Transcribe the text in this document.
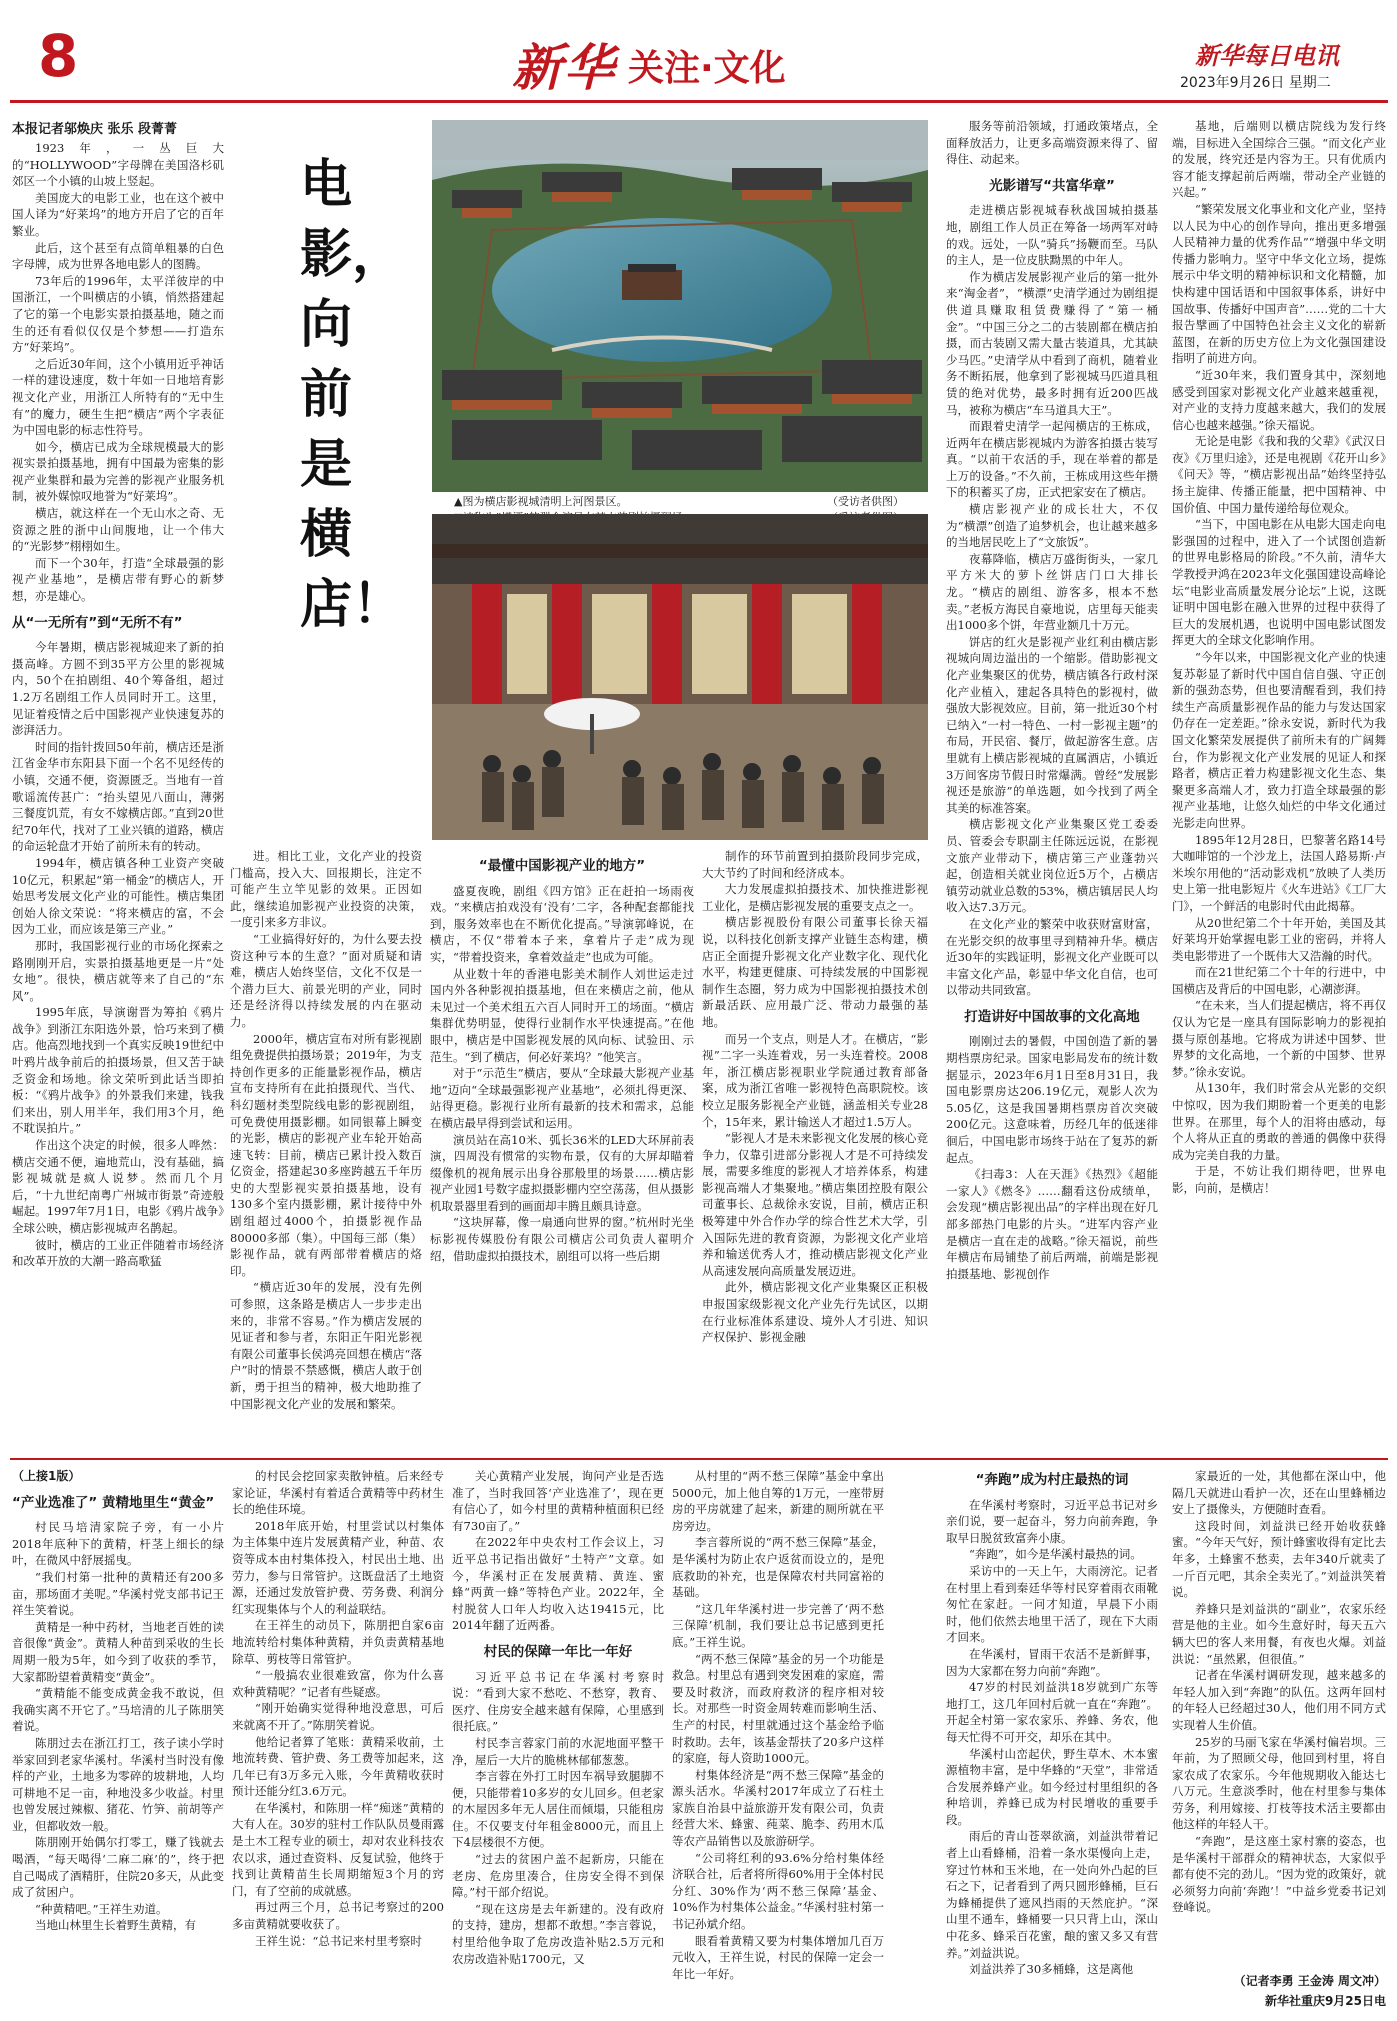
8	新华 关注·文化	新华每日电讯
2023年9月26日 星期二
本报记者邬焕庆 张乐 段菁菁

1923年，一丛巨大的“HOLLYWOOD”字母牌在美国洛杉矶郊区一个小镇的山坡上竖起。

美国庞大的电影工业，也在这个被中国人译为“好莱坞”的地方开启了它的百年繁业。

此后，这个甚至有点简单粗暴的白色字母牌，成为世界各地电影人的图腾。

73年后的1996年，太平洋彼岸的中国浙江，一个叫横店的小镇，悄然搭建起了它的第一个电影实景拍摄基地，随之而生的还有看似仅仅是个梦想——打造东方“好莱坞”。

之后近30年间，这个小镇用近乎神话一样的建设速度，数十年如一日地培育影视文化产业，用浙江人所特有的“无中生有”的魔力，硬生生把“横店”两个字表征为中国电影的标志性符号。

如今，横店已成为全球规模最大的影视实景拍摄基地，拥有中国最为密集的影视产业集群和最为完善的影视产业服务机制，被外媒惊叹地誉为“好莱坞”。

横店，就这样在一个无山水之奇、无资源之胜的浙中山间腹地，让一个伟大的“光影梦”栩栩如生。

而下一个30年，打造“全球最强的影视产业基地”，是横店带有野心的新梦想，亦是雄心。

从“一无所有”到“无所不有”

今年暑期，横店影视城迎来了新的拍摄高峰。方圆不到35平方公里的影视城内，50个在拍剧组、40个筹备组，超过1.2万名剧组工作人员同时开工。这里，见证着疫情之后中国影视产业快速复苏的澎湃活力。

时间的指针拨回50年前，横店还是浙江省金华市东阳县下面一个名不见经传的小镇，交通不便，资源匮乏。当地有一首歌谣流传甚广：“抬头望见八面山，薄粥三餐度饥荒，有女不嫁横店郎。”直到20世纪70年代，找对了工业兴镇的道路，横店的命运轮盘才开始了前所未有的转动。

1994年，横店镇各种工业资产突破10亿元，积累起“第一桶金”的横店人，开始思考发展文化产业的可能性。横店集团创始人徐文荣说：“将来横店的富，不会因为工业，而应该是第三产业。”

那时，我国影视行业的市场化探索之路刚刚开启，实景拍摄基地更是一片“处女地”。很快，横店就等来了自己的“东风”。

1995年底，导演谢晋为筹拍《鸦片战争》到浙江东阳选外景，恰巧来到了横店。他高烈地找到一个真实反映19世纪中叶鸦片战争前后的拍摄场景，但又苦于缺乏资金和场地。徐文荣听到此话当即拍板：“《鸦片战争》的外景我们来建，钱我们来出，别人用半年，我们用3个月，绝不耽误拍片。”

作出这个决定的时候，很多人哗然：横店交通不便，遍地荒山，没有基础，搞影视城就是疯人说梦。然而几个月后，“十九世纪南粤广州城市街景”奇迹般崛起。1997年7月1日，电影《鸦片战争》全球公映，横店影视城声名鹊起。

彼时，横店的工业正伴随着市场经济和改革开放的大潮一路高歌猛

电影，向前是横店！
▲图为横店影视城清明上河图景区。	（受访者供图）

进。相比工业，文化产业的投资门槛高，投入大、回报期长，注定不可能产生立竿见影的效果。正因如此，继续追加影视产业投资的决策，一度引来多方非议。

“工业搞得好好的，为什么要去投资这种亏本的生意？”面对质疑和请难，横店人始终坚信，文化不仅是一个潜力巨大、前景光明的产业，同时还是经济得以持续发展的内在驱动力。

2000年，横店宣布对所有影视剧组免费提供拍摄场景；2019年，为支持创作更多的正能量影视作品，横店宣布支持所有在此拍摄现代、当代、科幻题材类型院线电影的影视剧组，可免费使用摄影棚。如同银幕上瞬变的光影，横店的影视产业车轮开始高速飞转：目前，横店已累计投入数百亿资金，搭建起30多座跨越五千年历史的大型影视实景拍摄基地，设有130多个室内摄影棚，累计接待中外剧组超过4000个，拍摄影视作品80000多部（集）。中国每三部（集）影视作品，就有两部带着横店的烙印。

“横店近30年的发展，没有先例可参照，这条路是横店人一步步走出来的，非常不容易。”作为横店发展的见证者和参与者，东阳正午阳光影视有限公司董事长侯鸿亮回想在横店“落户”时的情景不禁感慨，横店人敢于创新，勇于担当的精神，极大地助推了中国影视文化产业的发展和繁荣。

“最懂中国影视产业的地方”

盛夏夜晚，剧组《四方馆》正在赶拍一场雨夜戏。“来横店拍戏没有‘没有’二字，各种配套都能找到，服务效率也在不断优化提高。”导演郭峰说，在横店，不仅“带着本子来，拿着片子走”成为现实，“带着投资来，拿着效益走”也成为可能。

从业数十年的香港电影美术制作人刘世运走过国内外各种影视拍摄基地，但在来横店之前，他从未见过一个美术组五六百人同时开工的场面。“横店集群优势明显，使得行业制作水平快速提高。”在他眼中，横店是中国影视发展的风向标、试验田、示范生。“到了横店，何必好莱坞？”他笑言。

对于“示范生”横店，要从“全球最大影视产业基地”迈向“全球最强影视产业基地”，必须扎得更深、站得更稳。影视行业所有最新的技术和需求，总能在横店最早得到尝试和运用。

演员站在高10米、弧长36米的LED大环屏前表演，四周没有惯常的实物布景，仅有的大屏却瞄着缀像机的视角展示出身谷那般里的场景……横店影视产业园1号数字虚拟摄影棚内空空荡荡，但从摄影机取景器里看到的画面却丰腾且颇具诗意。

“这块屏幕，像一扇通向世界的窗。”杭州时光坐标影视传媒股份有限公司横店公司负责人翟明介绍，借助虚拟拍摄技术，剧组可以将一些后期

制作的环节前置到拍摄阶段同步完成，大大节约了时间和经济成本。

大力发展虚拟拍摄技术、加快推进影视工业化，是横店影视发展的重要支点之一。

横店影视股份有限公司董事长徐天福说，以科技化创新支撑产业链生态构建，横店正全面提升影视文化产业数字化、现代化水平，构建更健康、可持续发展的中国影视制作生态圈，努力成为中国影视拍摄技术创新最活跃、应用最广泛、带动力最强的基地。

而另一个支点，则是人才。在横店，“影视”二字一头连着戏，另一头连着校。2008年，浙江横店影视职业学院通过教育部备案，成为浙江省唯一影视特色高职院校。该校立足服务影视全产业链，涵盖相关专业28个，15年来，累计输送人才超过1.5万人。

“影视人才是未来影视文化发展的核心竞争力，仅靠引进部分影视人才是不可持续发展，需要多维度的影视人才培养体系，构建影视高端人才集聚地。”横店集团控股有限公司董事长、总裁徐永安说，目前，横店正积极筹建中外合作办学的综合性艺术大学，引入国际先进的教育资源，为影视文化产业培养和输送优秀人才，推动横店影视文化产业从高速发展向高质量发展迈进。

此外，横店影视文化产业集聚区正积极申报国家级影视文化产业先行先试区，以期在行业标准体系建设、境外人才引进、知识产权保护、影视金融

服务等前沿领域，打通政策堵点，全面释放活力，让更多高端资源来得了、留得住、动起来。

光影谱写“共富华章”

走进横店影视城春秋战国城拍摄基地，剧组工作人员正在筹备一场两军对峙的戏。远处，一队“骑兵”扬鞭而至。马队的主人，是一位皮肤黝黑的中年人。

作为横店发展影视产业后的第一批外来“淘金者”，“横漂”史清学通过为剧组提供道具赚取租赁费赚得了“第一桶金”。“中国三分之二的古装剧都在横店拍摄，而古装剧又需大量古装道具，尤其缺少马匹。”史清学从中看到了商机，随着业务不断拓展，他拿到了影视城马匹道具租赁的绝对优势，最多时拥有近200匹战马，被称为横店“车马道具大王”。

而跟着史清学一起闯横店的王栋成，近两年在横店影视城内为游客拍摄古装写真。“以前干农活的手，现在举着的都是上万的设备。”不久前，王栋成用这些年攒下的积蓄买了房，正式把家安在了横店。

横店影视产业的成长壮大，不仅为“横漂”创造了追梦机会，也让越来越多的当地居民吃上了“文旅饭”。

夜幕降临，横店万盛街街头，一家几平方米大的萝卜丝饼店门口大排长龙。“横店的剧组、游客多，根本不愁卖。”老板方海民自豪地说，店里每天能卖出1000多个饼，年营业额几十万元。

饼店的红火是影视产业红利由横店影视城向周边溢出的一个缩影。借助影视文化产业集聚区的优势，横店镇各行政村深化产业植入，建起各具特色的影视村，做强放大影视效应。目前，第一批近30个村已纳入“一村一特色、一村一影视主题”的布局，开民宿、餐厅，做起游客生意。店里就有上横店影视城的直属酒店，小镇近3万间客房节假日时常爆满。曾经“发展影视还是旅游”的单选题，如今找到了两全其美的标准答案。

横店影视文化产业集聚区党工委委员、管委会专职副主任陈远远说，在影视文旅产业带动下，横店第三产业蓬勃兴起，创造相关就业岗位近5万个，占横店镇劳动就业总数的53%，横店镇居民人均收入达7.3万元。

在文化产业的繁荣中收获财富财富，在光影交织的故事里寻到精神升华。横店近30年的实践证明，影视文化产业既可以丰富文化产品，彰显中华文化自信，也可以带动共同致富。

打造讲好中国故事的文化高地

刚刚过去的暑假，中国创造了新的暑期档票房纪录。国家电影局发布的统计数据显示，2023年6月1日至8月31日，我国电影票房达206.19亿元，观影人次为5.05亿，这是我国暑期档票房首次突破200亿元。这意味着，历经几年的低迷徘徊后，中国电影市场终于站在了复苏的新起点。

《扫毒3：人在天涯》《热烈》《超能一家人》《燃冬》……翻看这份成绩单，会发现“横店影视出品”的字样出现在好几部多部热门电影的片头。“进军内容产业是横店一直在走的战略。”徐天福说，前些年横店布局铺垫了前后两端，前端是影视拍摄基地、影视创作

基地，后端则以横店院线为发行终端，目标进入全国综合三强。“而文化产业的发展，终究还是内容为王。只有优质内容才能支撑起前后两端，带动全产业链的兴起。”

“繁荣发展文化事业和文化产业，坚持以人民为中心的创作导向，推出更多增强人民精神力量的优秀作品”“增强中华文明传播力影响力。坚守中华文化立场，提炼展示中华文明的精神标识和文化精髓，加快构建中国话语和中国叙事体系，讲好中国故事、传播好中国声音”……党的二十大报告擘画了中国特色社会主义文化的崭新蓝图，在新的历史方位上为文化强国建设指明了前进方向。

“近30年来，我们置身其中，深刻地感受到国家对影视文化产业越来越重视，对产业的支持力度越来越大，我们的发展信心也越来越强。”徐天福说。

无论是电影《我和我的父辈》《武汉日夜》《万里归途》，还是电视剧《花开山乡》《问天》等，“横店影视出品”始终坚持弘扬主旋律、传播正能量，把中国精神、中国价值、中国力量传递给每位观众。

“当下，中国电影在从电影大国走向电影强国的过程中，进入了一个试图创造新的世界电影格局的阶段。”不久前，清华大学教授尹鸿在2023年文化强国建设高峰论坛“电影业高质量发展分论坛”上说，这既证明中国电影在融入世界的过程中获得了巨大的发展机遇，也说明中国电影试图发挥更大的全球文化影响作用。

“今年以来，中国影视文化产业的快速复苏彰显了新时代中国自信自强、守正创新的强劲态势，但也要清醒看到，我们持续生产高质量影视作品的能力与发达国家仍存在一定差距。”徐永安说，新时代为我国文化繁荣发展提供了前所未有的广阔舞台，作为影视文化产业发展的见证人和探路者，横店正着力构建影视文化生态、集聚更多高端人才，致力打造全球最强的影视产业基地，让悠久灿烂的中华文化通过光影走向世界。

1895年12月28日，巴黎著名路14号大咖啡馆的一个沙龙上，法国人路易斯·卢米埃尔用他的“活动影戏机”放映了人类历史上第一批电影短片《火车进站》《工厂大门》，一个鲜活的电影时代由此揭幕。

从20世纪第二个十年开始，美国及其好莱坞开始掌握电影工业的密码，并将人类电影带进了一个既伟大又浩瀚的时代。

而在21世纪第二个十年的行进中，中国横店及背后的中国电影，心潮澎湃。

“在未来，当人们提起横店，将不再仅仅认为它是一座具有国际影响力的影视拍摄与原创基地。它将成为讲述中国梦、世界梦的文化高地，一个新的中国梦、世界梦。”徐永安说。

从130年，我们时常会从光影的交织中惊叹，因为我们期盼着一个更美的电影世界。在那里，每个人的泪将由感动，每个人将从正直的勇敢的善通的偶像中获得成为完美自我的力量。

于是，不妨让我们期待吧，世界电影，向前，是横店！

（上接1版）

“产业选准了” 黄精地里生“黄金”

村民马培清家院子旁，有一小片2018年底种下的黄精，杆茎上细长的绿叶，在微风中舒展摇曳。

“我们村第一批种的黄精还有200多亩，那场面才美呢。”华溪村党支部书记王祥生笑着说。

黄精是一种中药材，当地老百姓的读音很像“黄金”。黄精人种苗到采收的生长周期一般为5年，如今到了收获的季节，大家都盼望着黄精变“黄金”。

“黄精能不能变成黄金我不敢说，但我确实离不开它了。”马培清的儿子陈朋笑着说。

陈朋过去在浙江打工，孩子读小学时举家回到老家华溪村。华溪村当时没有像样的产业，土地多为零碎的坡耕地，人均可耕地不足一亩，种地没多少收益。村里也曾发展过辣椒、猪花、竹笋、前胡等产业，但都收效一般。

陈朋刚开始偶尔打零工，赚了钱就去喝酒，“每天喝得‘二麻二麻’的”，终于把自己喝成了酒精肝，住院20多天，从此变成了贫困户。

“种黄精吧。”王祥生劝道。

当地山林里生长着野生黄精，有

的村民会挖回家卖散钟植。后来经专家论证，华溪村有着适合黄精等中药材生长的绝佳环境。

2018年底开始，村里尝试以村集体为主体集中连片发展黄精产业，种苗、农资等成本由村集体投入，村民出土地、出劳力，参与日常管护。这既盘活了土地资源，还通过发放管护费、劳务费、利润分红实现集体与个人的利益联结。

在王祥生的动员下，陈朋把自家6亩地流转给村集体种黄精，并负责黄精基地除草、剪枝等日常管护。

“一般搞农业很难致富，你为什么喜欢种黄精呢？”记者有些疑惑。

“刚开始确实觉得种地没意思，可后来就离不开了。”陈朋笑着说。

他给记者算了笔账：黄精采收前，土地流转费、管护费、务工费等加起来，这几年已有3万多元入账，今年黄精收获时预计还能分红3.6万元。

在华溪村，和陈朋一样“痴迷”黄精的大有人在。30岁的驻村工作队队员曼雨露是土木工程专业的硕士，却对农业科技农农以求，通过查资料、反复试验，他终于找到让黄精苗生长周期缩短3个月的窍门，有了空前的成就感。

再过两三个月，总书记考察过的200多亩黄精就要收获了。

王祥生说：“总书记来村里考察时

关心黄精产业发展，询问产业是否选准了，当时我回答‘产业选准了’，现在更有信心了，如今村里的黄精种植面积已经有730亩了。”

在2022年中央农村工作会议上，习近平总书记指出做好“土特产”文章。如今，华溪村正在发展黄精、黄连、蜜蜂“两黄一蜂”等特色产业。2022年，全村脱贫人口年人均收入达19415元，比2014年翻了近两番。

村民的保障一年比一年好

习近平总书记在华溪村考察时说：“看到大家不愁吃、不愁穿，教育、医疗、住房安全越来越有保障，心里感到很托底。”

村民李言蓉家门前的水泥地面平整干净，屋后一大片的脆桃林郁郁葱葱。

李言蓉在外打工时因车祸导致腿脚不便，只能带着10多岁的女儿回乡。但老家的木屋因多年无人居住而倾塌，只能租房住。不仅要支付年租金8000元，而且上下4层楼很不方便。

“过去的贫困户盖不起新房，只能在老房、危房里凑合，住房安全得不到保障。”村干部介绍说。

“现在这房是去年新建的。没有政府的支持，建房，想都不敢想。”李言蓉说，村里给他争取了危房改造补贴2.5万元和农房改造补贴1700元，又

从村里的“两不愁三保障”基金中拿出5000元，加上他自筹的1万元，一座带厨房的平房就建了起来，新建的厕所就在平房旁边。

李言蓉所说的“两不愁三保障”基金，是华溪村为防止农户返贫而设立的，是兜底救助的补充，也是保障农村共同富裕的基础。

“这几年华溪村进一步完善了‘两不愁三保障’机制，我们要让总书记感到更托底。”王祥生说。

“两不愁三保障”基金的另一个功能是救急。村里总有遇到突发困难的家庭，需要及时救济，而政府救济的程序相对较长。对那些一时资金周转难而影响生活、生产的村民，村里就通过这个基金给予临时救助。去年，该基金帮扶了20多户这样的家庭，每人资助1000元。

村集体经济是“两不愁三保障”基金的源头活水。华溪村2017年成立了石柱土家族自治县中益旅游开发有限公司，负责经营大米、蜂蜜、莼菜、脆李、药用木瓜等农产品销售以及旅游研学。

“公司将红利的93.6%分给村集体经济联合社，后者将所得60%用于全体村民分红、30%作为‘两不愁三保障’基金、10%作为村集体公益金。”华溪村驻村第一书记孙斌介绍。

眼看着黄精又要为村集体增加几百万元收入，王祥生说，村民的保障一定会一年比一年好。

“奔跑”成为村庄最热的词

在华溪村考察时，习近平总书记对乡亲们说，要一起奋斗，努力向前奔跑，争取早日脱贫致富奔小康。

“奔跑”，如今是华溪村最热的词。

采访中的一天上午，大雨滂沱。记者在村里上看到秦廷华等村民穿着雨衣雨靴匆忙在家赶。一问才知道，早晨下小雨时，他们依然去地里干活了，现在下大雨才回来。

在华溪村，冒雨干农活不是新鲜事，因为大家都在努力向前“奔跑”。

47岁的村民刘益洪18岁就到广东等地打工，这几年回村后就一直在“奔跑”。开起全村第一家农家乐、养蜂、务农，他每天忙得不可开交，却乐在其中。

华溪村山峦起伏，野生草木、木本蜜源植物丰富，是中华蜂的“天堂”，非常适合发展养蜂产业。如今经过村里组织的各种培训，养蜂已成为村民增收的重要手段。

雨后的青山苍翠欲滴，刘益洪带着记者上山看蜂桶，沿着一条水渠慢向上走，穿过竹林和玉米地，在一处向外凸起的巨石之下，记者看到了两只圆形蜂桶，巨石为蜂桶提供了遮风挡雨的天然庇护。“深山里不通车，蜂桶要一只只背上山，深山中花多、蜂采百花蜜，酿的蜜又多又有营养。”刘益洪说。

刘益洪养了30多桶蜂，这是离他

家最近的一处，其他都在深山中，他隔几天就进山看护一次，还在山里蜂桶边安上了摄像头，方便随时查看。

这段时间，刘益洪已经开始收获蜂蜜。“今年天气好，预计蜂蜜收得有定比去年多，土蜂蜜不愁卖，去年340斤就卖了一斤百元吧，其余全卖光了。”刘益洪笑着说。

养蜂只是刘益洪的“副业”，农家乐经营是他的主业。如今生意好时，每天五六辆大巴的客人来用餐，有夜也火爆。刘益洪说：“虽然累，但很值。”

记者在华溪村调研发现，越来越多的年轻人加入到“奔跑”的队伍。这两年回村的年轻人已经超过30人，他们用不同方式实现着人生价值。

25岁的马丽飞家在华溪村偏岩坝。三年前，为了照顾父母，他回到村里，将自家农成了农家乐。今年他规期收入能达七八万元。生意淡季时，他在村里参与集体劳务，利用嫁接、打枝等技术活主要都由他这样的年轻人干。

“奔跑”，是这座土家村寨的姿态，也是华溪村干部群众的精神状态，大家似乎都有使不完的劲儿。“因为党的政策好，就必须努力向前‘奔跑’！”中益乡党委书记刘登峰说。

（记者李勇 王金涛 周文冲）
新华社重庆9月25日电
